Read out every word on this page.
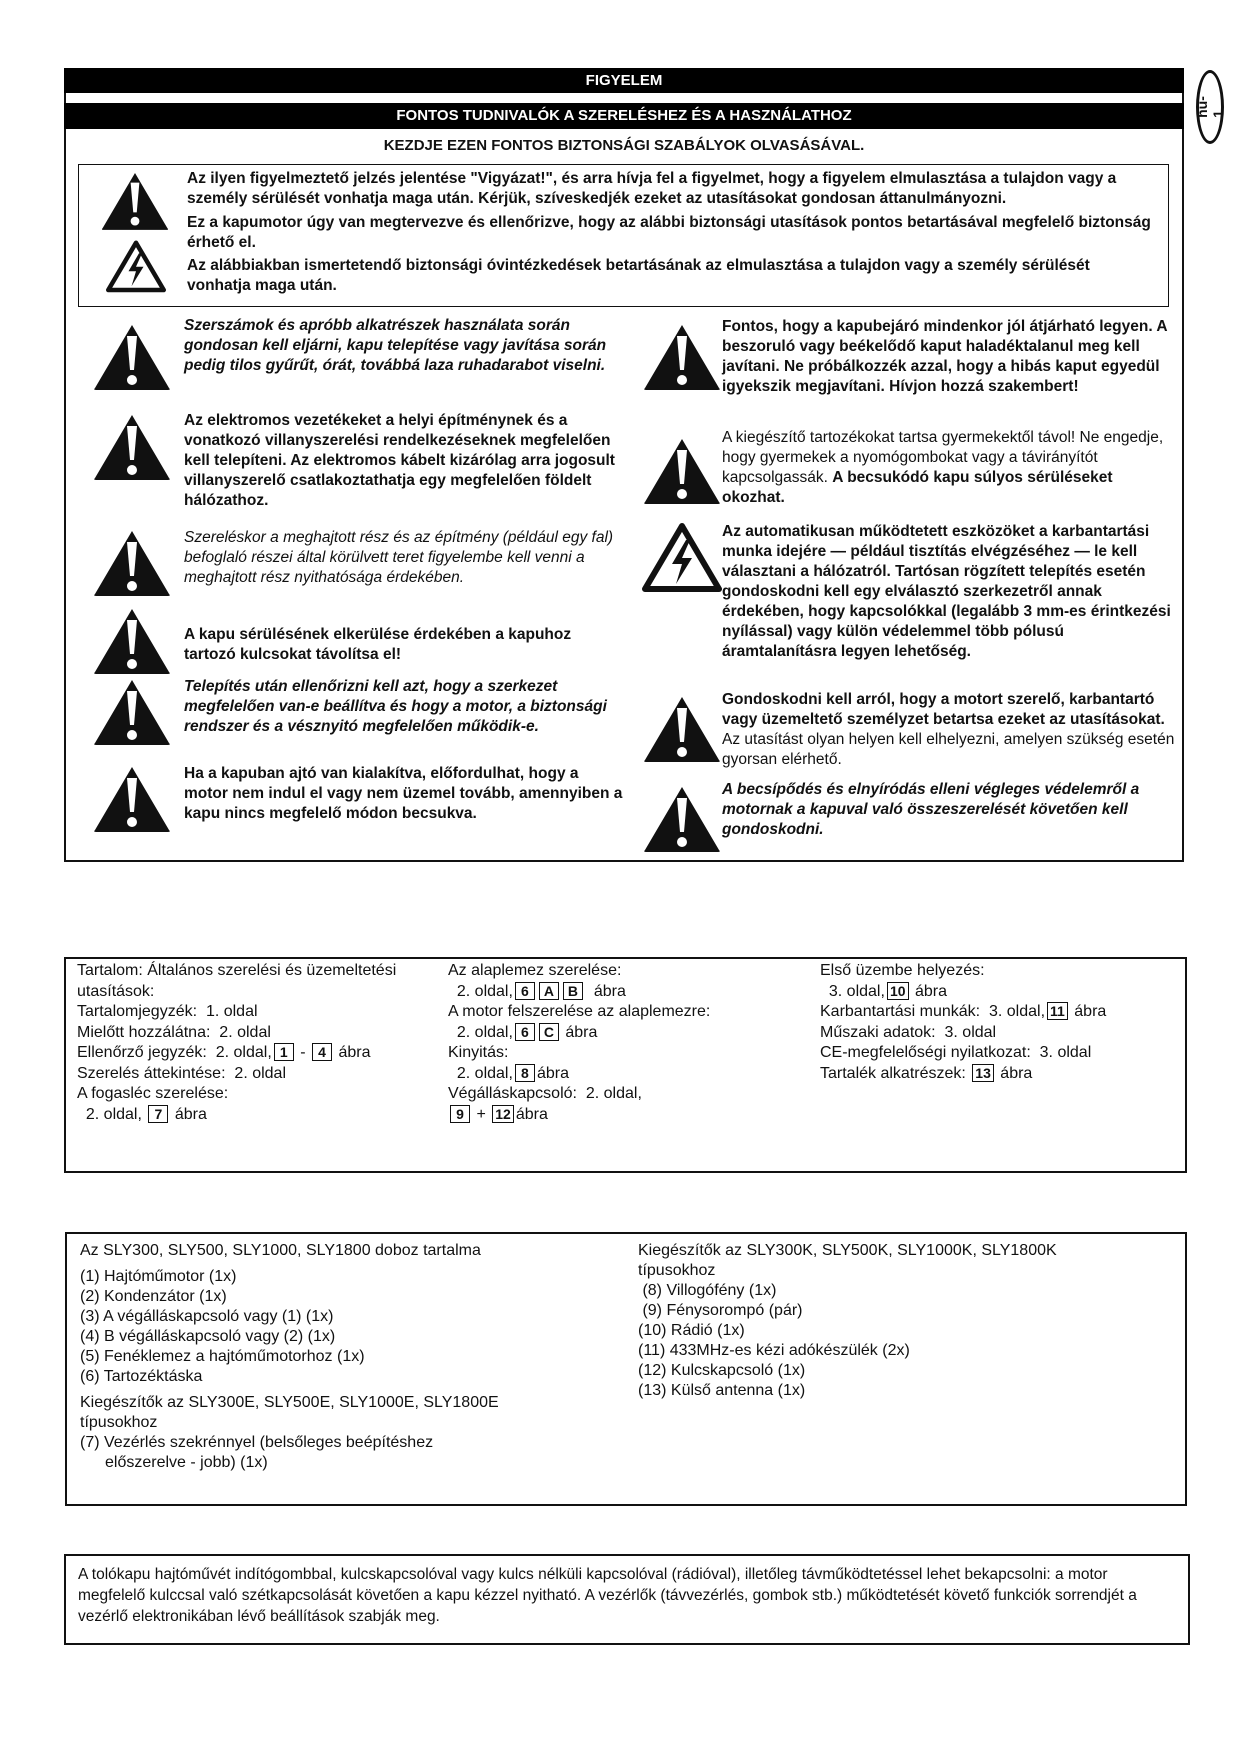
hu-1
FIGYELEM
FONTOS TUDNIVALÓK A SZERELÉSHEZ ÉS A HASZNÁLATHOZ
KEZDJE EZEN FONTOS BIZTONSÁGI SZABÁLYOK OLVASÁSÁVAL.
Az ilyen figyelmeztető jelzés jelentése "Vigyázat!", és arra hívja fel a figyelmet, hogy a figyelem elmulasztása a tulajdon vagy a személy sérülését vonhatja maga után. Kérjük, szíveskedjék ezeket az utasításokat gondosan áttanulmányozni.
Ez a kapumotor úgy van megtervezve és ellenőrizve, hogy az alábbi biztonsági utasítások pontos betartásával megfelelő biztonság érhető el.
Az alábbiakban ismertetendő biztonsági óvintézkedések betartásának az elmulasztása a tulajdon vagy a személy sérülését vonhatja maga után.
Szerszámok és apróbb alkatrészek használata során gondosan kell eljárni, kapu telepítése vagy javítása során pedig tilos gyűrűt, órát, továbbá laza ruhadarabot viselni.
Az elektromos vezetékeket a helyi építménynek és a vonatkozó villanyszerelési rendelkezéseknek megfelelően kell telepíteni. Az elektromos kábelt kizárólag arra jogosult villanyszerelő csatlakoztathatja egy megfelelően földelt hálózathoz.
Szereléskor a meghajtott rész és az építmény (például egy fal) befoglaló részei által körülvett teret figyelembe kell venni a meghajtott rész nyithatósága érdekében.
A kapu sérülésének elkerülése érdekében a kapuhoz tartozó kulcsokat távolítsa el!
Telepítés után ellenőrizni kell azt, hogy a szerkezet megfelelően van-e beállítva és hogy a motor, a biztonsági rendszer és a vésznyitó megfelelően működik-e.
Ha a kapuban ajtó van kialakítva, előfordulhat, hogy a motor nem indul el vagy nem üzemel tovább, amennyiben a kapu nincs megfelelő módon becsukva.
Fontos, hogy a kapubejáró mindenkor jól átjárható legyen. A beszoruló vagy beékelődő kaput haladéktalanul meg kell javítani. Ne próbálkozzék azzal, hogy a hibás kaput egyedül igyekszik megjavítani. Hívjon hozzá szakembert!
A kiegészítő tartozékokat tartsa gyermekektől távol! Ne engedje, hogy gyermekek a nyomógombokat vagy a távirányítót kapcsolgassák. A becsukódó kapu súlyos sérüléseket okozhat.
Az automatikusan működtetett eszközöket a karbantartási munka idejére — például tisztítás elvégzéséhez — le kell választani a hálózatról. Tartósan rögzített telepítés esetén gondoskodni kell egy elválasztó szerkezetről annak érdekében, hogy kapcsolókkal (legalább 3 mm-es érintkezési nyílással) vagy külön védelemmel több pólusú áramtalanításra legyen lehetőség.
Gondoskodni kell arról, hogy a motort szerelő, karbantartó vagy üzemeltető személyzet betartsa ezeket az utasításokat. Az utasítást olyan helyen kell elhelyezni, amelyen szükség esetén gyorsan elérhető.
A becsípődés és elnyíródás elleni végleges védelemről a motornak a kapuval való összeszerelését követően kell gondoskodni.
Tartalom: Általános szerelési és üzemeltetési
utasítások:
Tartalomjegyzék:  1. oldal
Mielőtt hozzálátna:  2. oldal
Ellenőrző jegyzék:  2. oldal, 1 - 4 ábra
Szerelés áttekintése:  2. oldal
A fogasléc szerelése:
2. oldal, 7 ábra
Az alaplemez szerelése:
2. oldal, 6 A B  ábra
A motor felszerelése az alaplemezre:
2. oldal, 6 C ábra
Kinyitás:
2. oldal, 8 ábra
Végálláskapcsoló:  2. oldal,
9 + 12 ábra
Első üzembe helyezés:
3. oldal, 10 ábra
Karbantartási munkák:  3. oldal, 11 ábra
Műszaki adatok:  3. oldal
CE-megfelelőségi nyilatkozat:  3. oldal
Tartalék alkatrészek: 13 ábra
Az SLY300, SLY500, SLY1000, SLY1800 doboz tartalma
(1) Hajtóműmotor (1x)
(2) Kondenzátor (1x)
(3) A végálláskapcsoló vagy (1) (1x)
(4) B végálláskapcsoló vagy (2) (1x)
(5) Fenéklemez a hajtóműmotorhoz (1x)
(6) Tartozéktáska
Kiegészítők az SLY300E, SLY500E, SLY1000E, SLY1800E típusokhoz
(7) Vezérlés szekrénnyel (belsőleges beépítéshez
előszerelve - jobb) (1x)
Kiegészítők az SLY300K, SLY500K, SLY1000K, SLY1800K típusokhoz
(8) Villogófény (1x)
(9) Fénysorompó (pár)
(10) Rádió (1x)
(11) 433MHz-es kézi adókészülék (2x)
(12) Kulcskapcsoló (1x)
(13) Külső antenna (1x)
A tolókapu hajtóművét indítógombbal, kulcskapcsolóval vagy kulcs nélküli kapcsolóval (rádióval), illetőleg távműködtetéssel lehet bekapcsolni: a motor megfelelő kulccsal való szétkapcsolását követően a kapu kézzel nyitható. A vezérlők (távvezérlés, gombok stb.) működtetését követő funkciók sorrendjét a vezérlő elektronikában lévő beállítások szabják meg.
